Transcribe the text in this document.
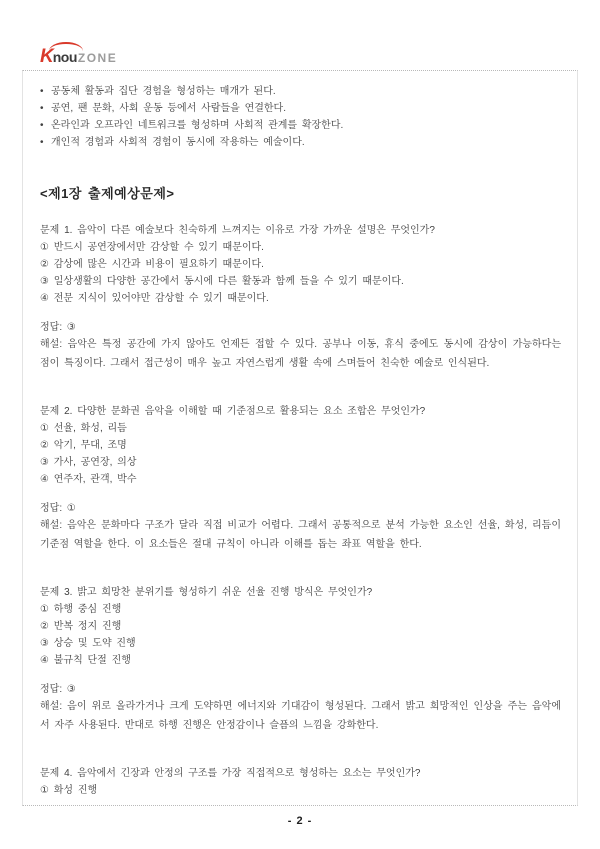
KnouZONE
• 공동체 활동과 집단 경험을 형성하는 매개가 된다.
• 공연, 팬 문화, 사회 운동 등에서 사람들을 연결한다.
• 온라인과 오프라인 네트워크를 형성하며 사회적 관계를 확장한다.
• 개인적 경험과 사회적 경험이 동시에 작용하는 예술이다.
<제1장 출제예상문제>

문제 1. 음악이 다른 예술보다 친숙하게 느껴지는 이유로 가장 가까운 설명은 무엇인가?

① 반드시 공연장에서만 감상할 수 있기 때문이다.

② 감상에 많은 시간과 비용이 필요하기 때문이다.

③ 일상생활의 다양한 공간에서 동시에 다른 활동과 함께 들을 수 있기 때문이다.

④ 전문 지식이 있어야만 감상할 수 있기 때문이다.

정답: ③

해설: 음악은 특정 공간에 가지 않아도 언제든 접할 수 있다. 공부나 이동, 휴식 중에도 동시에 감상이 가능하다는 점이 특징이다. 그래서 접근성이 매우 높고 자연스럽게 생활 속에 스며들어 친숙한 예술로 인식된다.

문제 2. 다양한 문화권 음악을 이해할 때 기준점으로 활용되는 요소 조합은 무엇인가?

① 선율, 화성, 리듬

② 악기, 무대, 조명

③ 가사, 공연장, 의상

④ 연주자, 관객, 박수

정답: ①

해설: 음악은 문화마다 구조가 달라 직접 비교가 어렵다. 그래서 공통적으로 분석 가능한 요소인 선율, 화성, 리듬이 기준점 역할을 한다. 이 요소들은 절대 규칙이 아니라 이해를 돕는 좌표 역할을 한다.

문제 3. 밝고 희망찬 분위기를 형성하기 쉬운 선율 진행 방식은 무엇인가?

① 하행 중심 진행

② 반복 정지 진행

③ 상승 및 도약 진행

④ 불규칙 단절 진행

정답: ③

해설: 음이 위로 올라가거나 크게 도약하면 에너지와 기대감이 형성된다. 그래서 밝고 희망적인 인상을 주는 음악에서 자주 사용된다. 반대로 하행 진행은 안정감이나 슬픔의 느낌을 강화한다.

문제 4. 음악에서 긴장과 안정의 구조를 가장 직접적으로 형성하는 요소는 무엇인가?

① 화성 진행

- 2 -
